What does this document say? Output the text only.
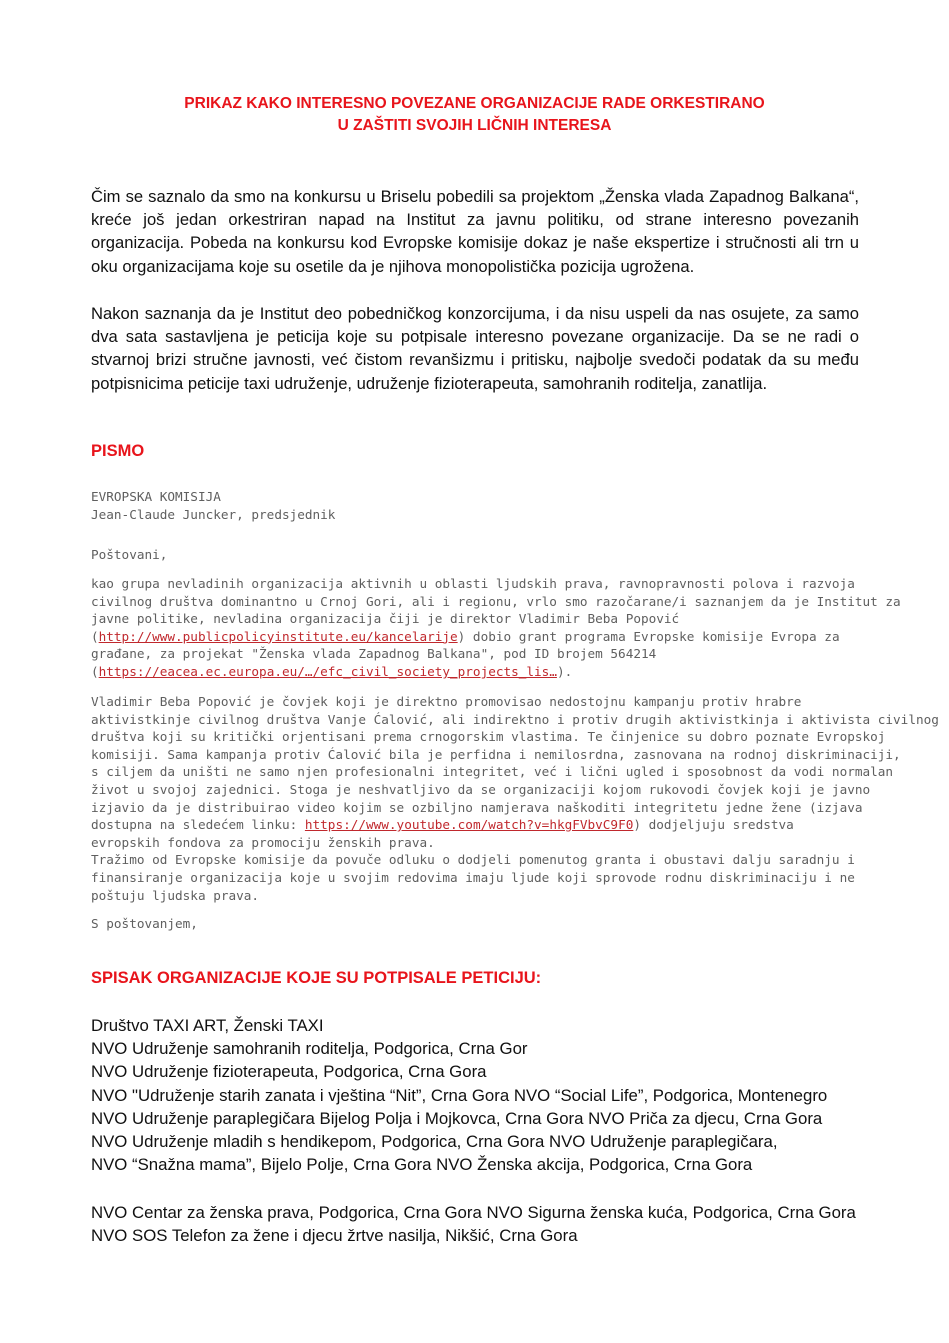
PRIKAZ KAKO INTERESNO POVEZANE ORGANIZACIJE RADE ORKESTIRANO
U ZAŠTITI SVOJIH LIČNIH INTERESA

Čim se saznalo da smo na konkursu u Briselu pobedili sa projektom „Ženska vlada Zapadnog Balkana“, kreće još jedan orkestriran napad na Institut za javnu politiku, od strane interesno povezanih organizacija. Pobeda na konkursu kod Evropske komisije dokaz je naše ekspertize i stručnosti ali trn u oku organizacijama koje su osetile da je njihova monopolistička pozicija ugrožena.

Nakon saznanja da je Institut deo pobedničkog konzorcijuma, i da nisu uspeli da nas osujete, za samo dva sata sastavljena je peticija koje su potpisale interesno povezane organizacije. Da se ne radi o stvarnoj brizi stručne javnosti, već čistom revanšizmu i pritisku, najbolje svedoči podatak da su među potpisnicima peticije taxi udruženje, udruženje fizioterapeuta, samohranih roditelja, zanatlija.

PISMO
EVROPSKA KOMISIJA
Jean-Claude Juncker, predsjednik
Poštovani,
kao grupa nevladinih organizacija aktivnih u oblasti ljudskih prava, ravnopravnosti polova i razvoja
civilnog društva dominantno u Crnoj Gori, ali i regionu, vrlo smo razočarane/i saznanjem da je Institut za
javne politike, nevladina organizacija čiji je direktor Vladimir Beba Popović
(http://www.publicpolicyinstitute.eu/kancelarije) dobio grant programa Evropske komisije Evropa za
građane, za projekat "Ženska vlada Zapadnog Balkana", pod ID brojem 564214
(https://eacea.ec.europa.eu/…/efc_civil_society_projects_lis…).
Vladimir Beba Popović je čovjek koji je direktno promovisao nedostojnu kampanju protiv hrabre
aktivistkinje civilnog društva Vanje Ćalović, ali indirektno i protiv drugih aktivistkinja i aktivista civilnog
društva koji su kritički orjentisani prema crnogorskim vlastima. Te činjenice su dobro poznate Evropskoj
komisiji. Sama kampanja protiv Ćalović bila je perfidna i nemilosrdna, zasnovana na rodnoj diskriminaciji,
s ciljem da uništi ne samo njen profesionalni integritet, već i lični ugled i sposobnost da vodi normalan
život u svojoj zajednici. Stoga je neshvatljivo da se organizaciji kojom rukovodi čovjek koji je javno
izjavio da je distribuirao video kojim se ozbiljno namjerava naškoditi integritetu jedne žene (izjava
dostupna na sledećem linku: https://www.youtube.com/watch?v=hkgFVbvC9F0) dodjeljuju sredstva
evropskih fondova za promociju ženskih prava.
Tražimo od Evropske komisije da povuče odluku o dodjeli pomenutog granta i obustavi dalju saradnju i
finansiranje organizacija koje u svojim redovima imaju ljude koji sprovode rodnu diskriminaciju i ne
poštuju ljudska prava.
S poštovanjem,
SPISAK ORGANIZACIJE KOJE SU POTPISALE PETICIJU:
Društvo TAXI ART, Ženski TAXI
NVO Udruženje samohranih roditelja, Podgorica, Crna Gor
NVO Udruženje fizioterapeuta, Podgorica, Crna Gora
NVO "Udruženje starih zanata i vještina “Nit”, Crna Gora NVO “Social Life”, Podgorica, Montenegro
NVO Udruženje paraplegičara Bijelog Polja i Mojkovca, Crna Gora NVO Priča za djecu, Crna Gora
NVO Udruženje mladih s hendikepom, Podgorica, Crna Gora NVO Udruženje paraplegičara,
NVO “Snažna mama”, Bijelo Polje, Crna Gora NVO Ženska akcija, Podgorica, Crna Gora
NVO Centar za ženska prava, Podgorica, Crna Gora NVO Sigurna ženska kuća, Podgorica, Crna Gora
NVO SOS Telefon za žene i djecu žrtve nasilja, Nikšić, Crna Gora
